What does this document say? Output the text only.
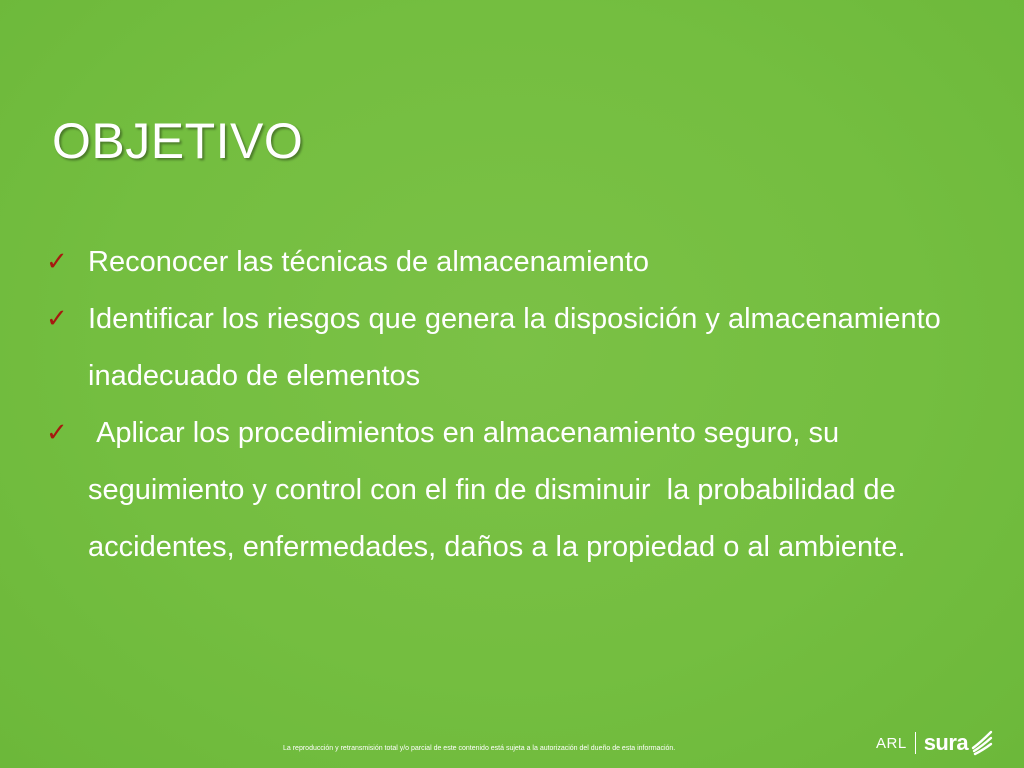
OBJETIVO
✓ Reconocer las técnicas de almacenamiento
✓ Identificar los riesgos que genera la disposición y almacenamiento inadecuado de elementos
✓ Aplicar los procedimientos en almacenamiento seguro, su seguimiento y control con el fin de disminuir  la probabilidad de accidentes, enfermedades, daños a la propiedad o al ambiente.
La reproducción y retransmisión total y/o parcial de este contenido está sujeta a la autorización del dueño de esta información.	ARL sura
